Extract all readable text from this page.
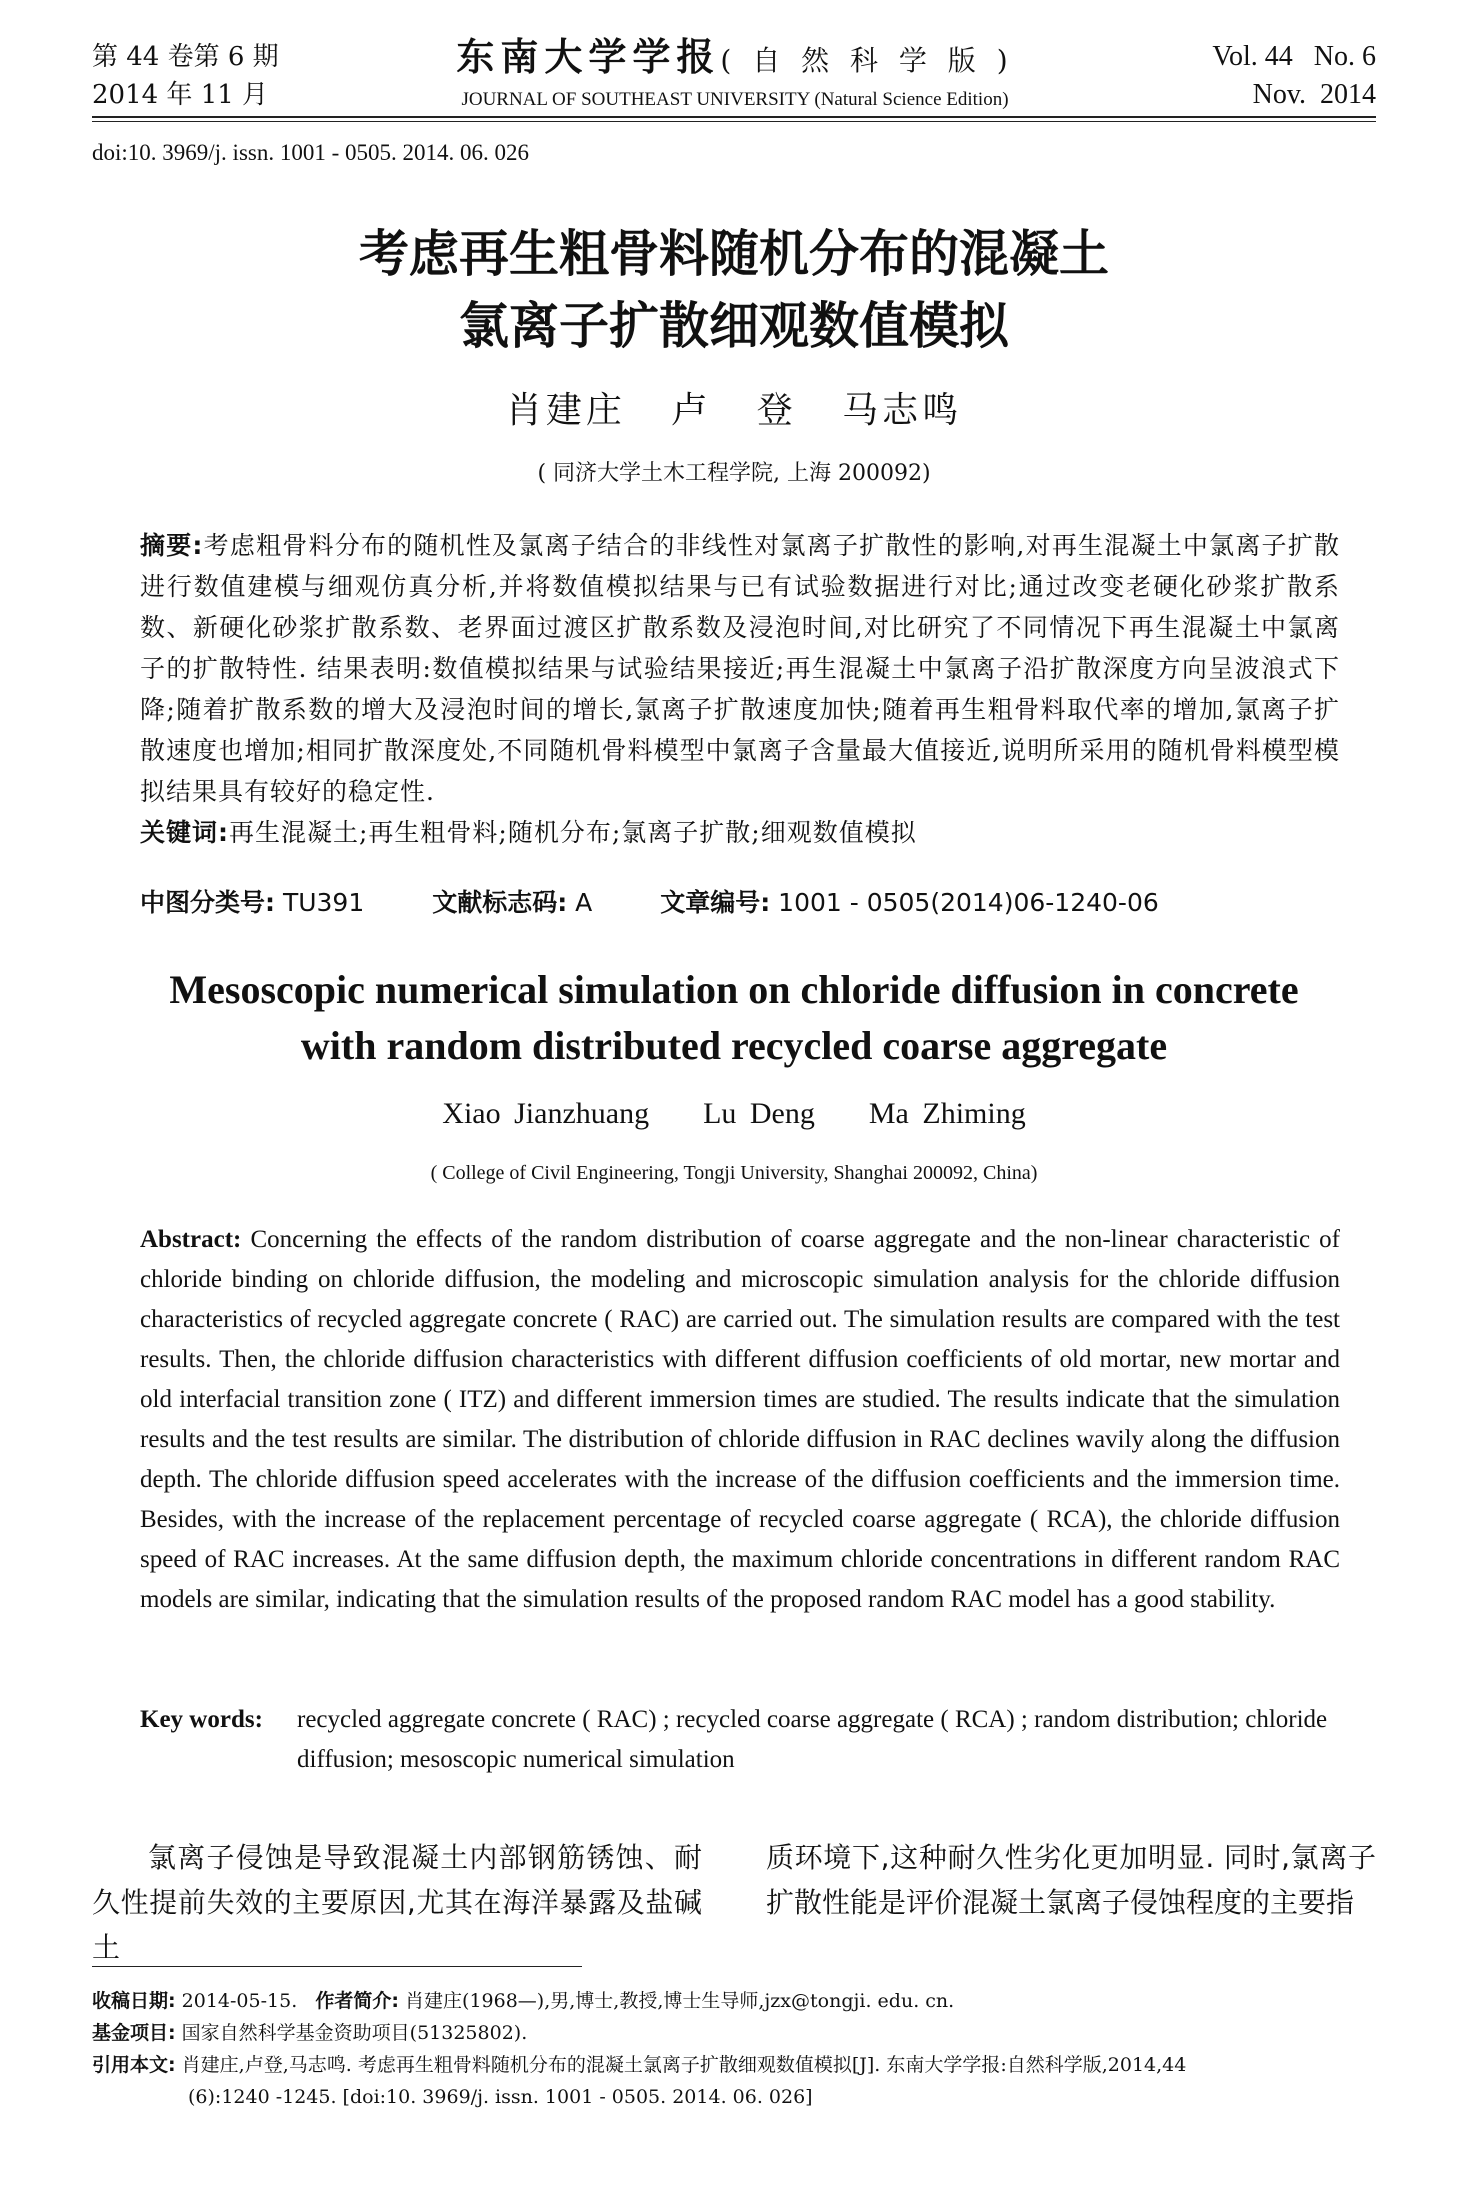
第 44 卷第 6 期
2014 年 11 月
东南大学学报( 自 然 科 学 版 )
JOURNAL OF SOUTHEAST UNIVERSITY (Natural Science Edition)
Vol. 44   No. 6
Nov.  2014
doi:10. 3969/j. issn. 1001 - 0505. 2014. 06. 026
考虑再生粗骨料随机分布的混凝土
氯离子扩散细观数值模拟
肖建庄 卢 登 马志鸣
( 同济大学土木工程学院, 上海 200092)
摘要:考虑粗骨料分布的随机性及氯离子结合的非线性对氯离子扩散性的影响,对再生混凝土中氯离子扩散进行数值建模与细观仿真分析,并将数值模拟结果与已有试验数据进行对比;通过改变老硬化砂浆扩散系数、新硬化砂浆扩散系数、老界面过渡区扩散系数及浸泡时间,对比研究了不同情况下再生混凝土中氯离子的扩散特性. 结果表明:数值模拟结果与试验结果接近;再生混凝土中氯离子沿扩散深度方向呈波浪式下降;随着扩散系数的增大及浸泡时间的增长,氯离子扩散速度加快;随着再生粗骨料取代率的增加,氯离子扩散速度也增加;相同扩散深度处,不同随机骨料模型中氯离子含量最大值接近,说明所采用的随机骨料模型模拟结果具有较好的稳定性.
关键词:再生混凝土;再生粗骨料;随机分布;氯离子扩散;细观数值模拟
中图分类号: TU391	文献标志码: A	文章编号: 1001 - 0505(2014)06-1240-06
Mesoscopic numerical simulation on chloride diffusion in concrete
with random distributed recycled coarse aggregate
Xiao Jianzhuang    Lu Deng    Ma Zhiming
( College of Civil Engineering, Tongji University, Shanghai 200092, China)
Abstract: Concerning the effects of the random distribution of coarse aggregate and the non-linear characteristic of chloride binding on chloride diffusion, the modeling and microscopic simulation analysis for the chloride diffusion characteristics of recycled aggregate concrete ( RAC) are carried out. The simulation results are compared with the test results. Then, the chloride diffusion characteristics with different diffusion coefficients of old mortar, new mortar and old interfacial transition zone ( ITZ) and different immersion times are studied. The results indicate that the simulation results and the test results are similar. The distribution of chloride diffusion in RAC declines wavily along the diffusion depth. The chloride diffusion speed accelerates with the increase of the diffusion coefficients and the immersion time. Besides, with the increase of the replacement percentage of recycled coarse aggregate ( RCA), the chloride diffusion speed of RAC increases. At the same diffusion depth, the maximum chloride concentrations in different random RAC models are similar, indicating that the simulation results of the proposed random RAC model has a good stability.
Key words: recycled aggregate concrete ( RAC) ; recycled coarse aggregate ( RCA) ; random distribution; chloride diffusion; mesoscopic numerical simulation
氯离子侵蚀是导致混凝土内部钢筋锈蚀、耐久性提前失效的主要原因,尤其在海洋暴露及盐碱土
质环境下,这种耐久性劣化更加明显. 同时,氯离子扩散性能是评价混凝土氯离子侵蚀程度的主要指
收稿日期: 2014-05-15. 作者简介: 肖建庄(1968—),男,博士,教授,博士生导师,jzx@tongji. edu. cn.
基金项目: 国家自然科学基金资助项目(51325802).
引用本文: 肖建庄,卢登,马志鸣. 考虑再生粗骨料随机分布的混凝土氯离子扩散细观数值模拟[J]. 东南大学学报:自然科学版,2014,44
(6):1240 -1245. [doi:10. 3969/j. issn. 1001 - 0505. 2014. 06. 026]
